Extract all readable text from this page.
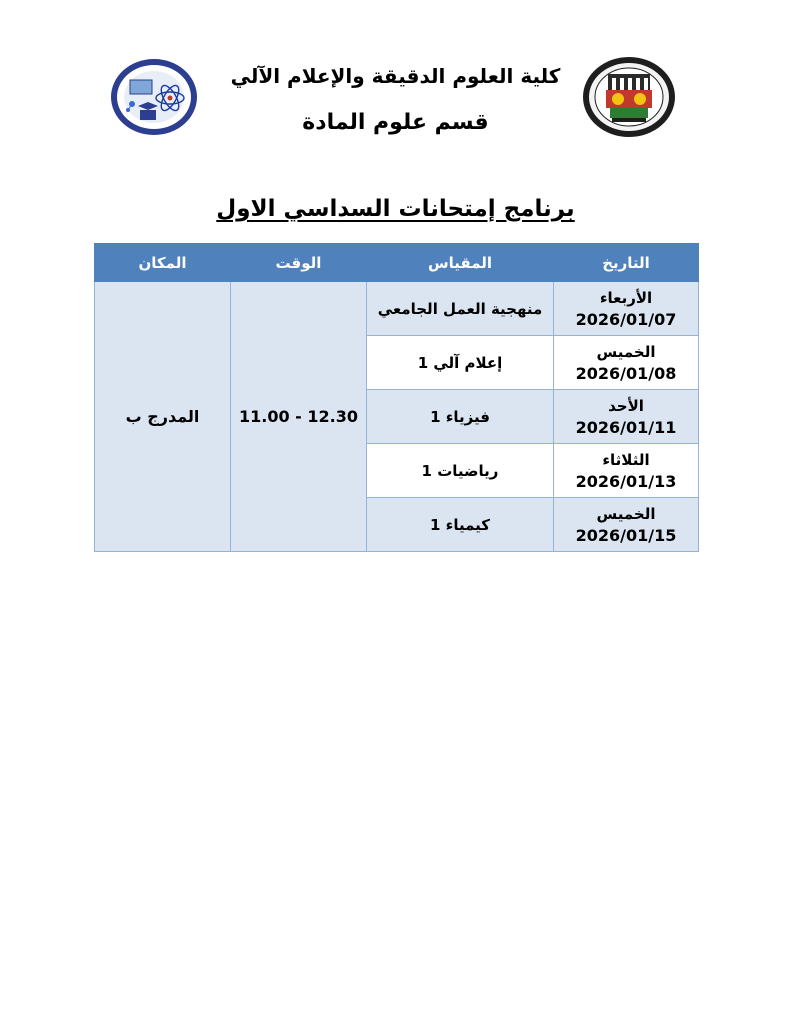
كلية العلوم الدقيقة والإعلام الآلي
قسم علوم المادة
برنامج إمتحانات السداسي الاول
التاريخ	المقياس	الوقت	المكان

الأربعاء
2026/01/07	منهجية العمل الجامعي	11.00 - 12.30	المدرج ب

الخميس
2026/01/08	إعلام آلي 1		

الأحد
2026/01/11	فيزياء 1		

الثلاثاء
2026/01/13	رياضيات 1		

الخميس
2026/01/15	كيمياء 1		
